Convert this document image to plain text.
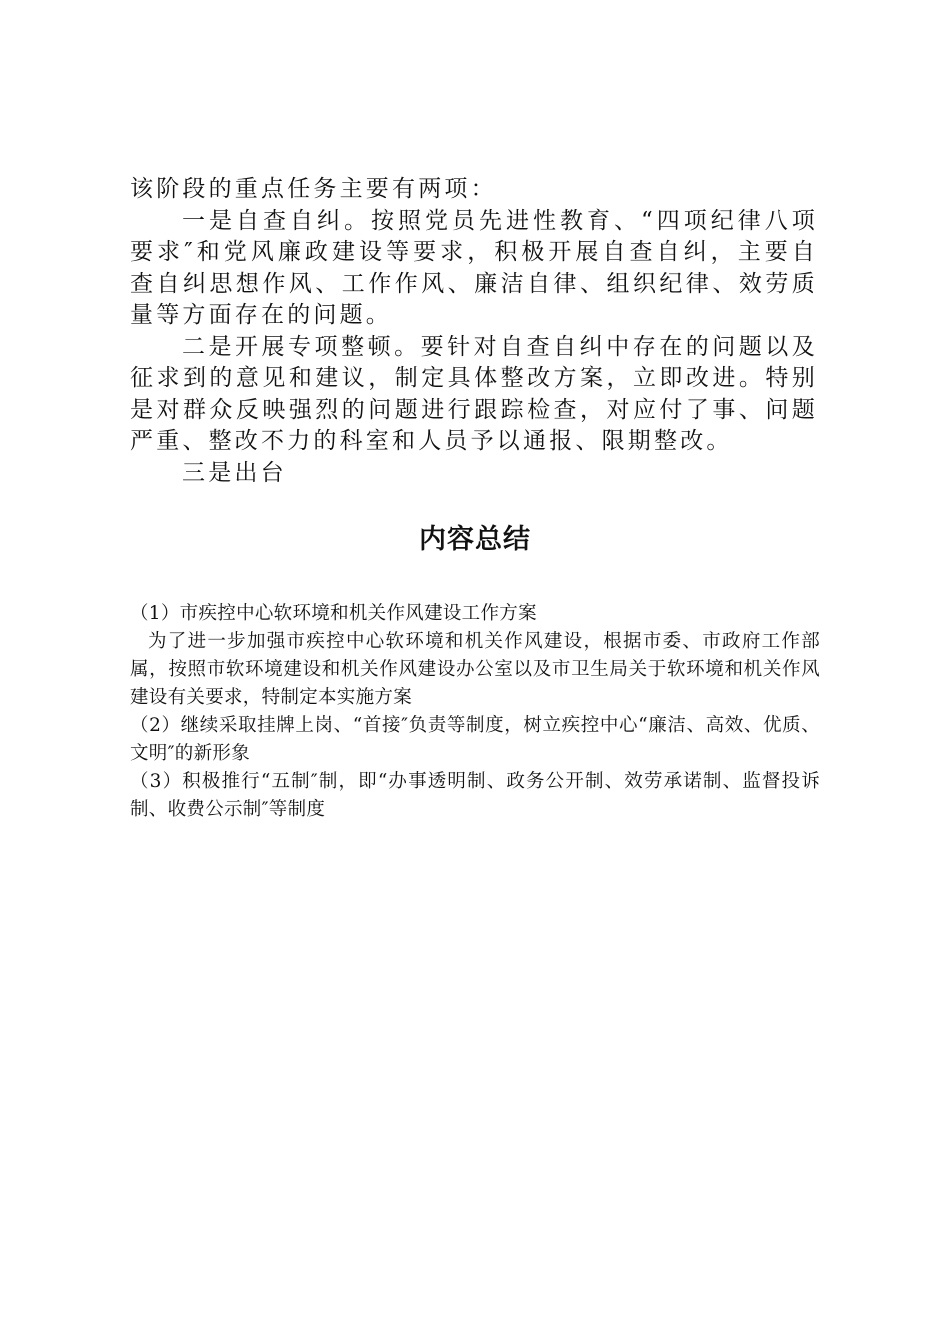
该阶段的重点任务主要有两项：

一是自查自纠。按照党员先进性教育、“四项纪律八项要求″和党风廉政建设等要求，积极开展自查自纠，主要自查自纠思想作风、工作作风、廉洁自律、组织纪律、效劳质量等方面存在的问题。

二是开展专项整顿。要针对自查自纠中存在的问题以及征求到的意见和建议，制定具体整改方案，立即改进。特别是对群众反映强烈的问题进行跟踪检查，对应付了事、问题严重、整改不力的科室和人员予以通报、限期整改。

三是出台

内容总结

（1）市疾控中心软环境和机关作风建设工作方案

为了进一步加强市疾控中心软环境和机关作风建设，根据市委、市政府工作部属，按照市软环境建设和机关作风建设办公室以及市卫生局关于软环境和机关作风建设有关要求，特制定本实施方案

（2）继续采取挂牌上岗、“首接″负责等制度，树立疾控中心“廉洁、高效、优质、文明″的新形象

（3）积极推行“五制″制，即“办事透明制、政务公开制、效劳承诺制、监督投诉制、收费公示制″等制度
